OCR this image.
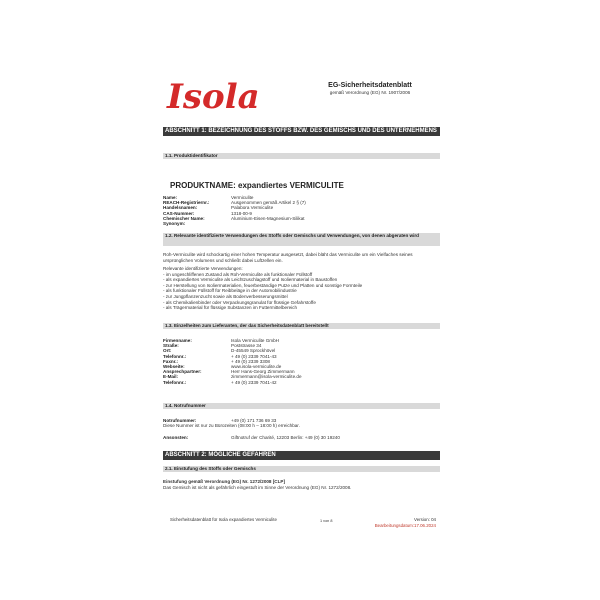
Isola	EG-Sicherheitsdatenblatt
gemäß Verordnung (EG) Nr. 1907/2006
ABSCHNITT 1: BEZEICHNUNG DES STOFFS BZW. DES GEMISCHS UND DES UNTERNEHMENS
1.1. Produktidentifikator
PRODUKTNAME: expandiertes VERMICULITE
Name:	Vermiculite
REACH-Registriernr.:	Ausgenommen gemäß Artikel 2 § (7)
Handelsnamen:	Palabora Vermiculite
CAS-Nummer:	1318-00-9
Chemischer Name:	Aluminium-Eisen-Magnesium-Silikat
Synonym:
1.2. Relevante identifizierte Verwendungen des Stoffs oder Gemischs und Verwendungen, von denen abgeraten wird
Roh-Vermiculite wird schockartig einer hohen Temperatur ausgesetzt, dabei bläht das Vermiculite um ein Vielfaches seines ursprünglichen Volumens und schließt dabei Luftzellen ein.
Relevante identifizierte Verwendungen:
- im ungeschliffenen Zustand als Roh-Vermiculite als funktionaler Füllstoff
- als expandiertes Vermiculite als Leichtzuschlagstoff und Isoliermaterial in Baustoffen
- zur Herstellung von Isoliermaterialien, feuerbeständige Putze und Platten und sonstige Formteile
- als funktionaler Füllstoff für Reibbeläge in der Automobilindustrie
- zur Jungpflanzenzucht sowie als Bodenverbesserungsmittel
- als Chemikalienbinder oder Verpackungsgranulat für flüssige Gefahrstoffe
- als Trägermaterial für flüssige Substanzen im Futtermittelbereich
1.3. Einzelheiten zum Lieferanten, der das Sicherheitsdatenblatt bereitstellt
Firmenname:	Isola Vermiculite GmbH
Straße:	Poststrasse 34
Ort:	D-45549 Sprockhövel
Telefonnr.:	+ 49 (0) 2339 7041-43
Faxnr.:	+ 49 (0) 2339 3308
Webseite:	www.isola-vermiculite.de
Ansprechpartner:	Herr Hans-Georg Zimmermann
E-Mail:	zimmermann@isola-vermiculite.de
Telefonnr.:	+ 49 (0) 2339 7041-42
1.4. Notrufnummer
Notrufnummer:	+49 (0) 171 736 69 33
Diese Nummer ist nur zu Bürozeiten (08:00 h – 18:00 h) erreichbar.
Ansonsten:	Giftnotruf der Charité, 12203 Berlin: +49 (0) 30 19240
ABSCHNITT 2: MÖGLICHE GEFAHREN
2.1. Einstufung des Stoffs oder Gemischs
Einstufung gemäß Verordnung (EG) Nr. 1272/2008 [CLP]
Das Gemisch ist nicht als gefährlich eingestuft im Sinne der Verordnung (EG) Nr. 1272/2008.
Sicherheitsdatenblatt für Isola expandiertes Vermiculite	1 von 8	Version: 04
Bearbeitungsdatum:17.06.2024
